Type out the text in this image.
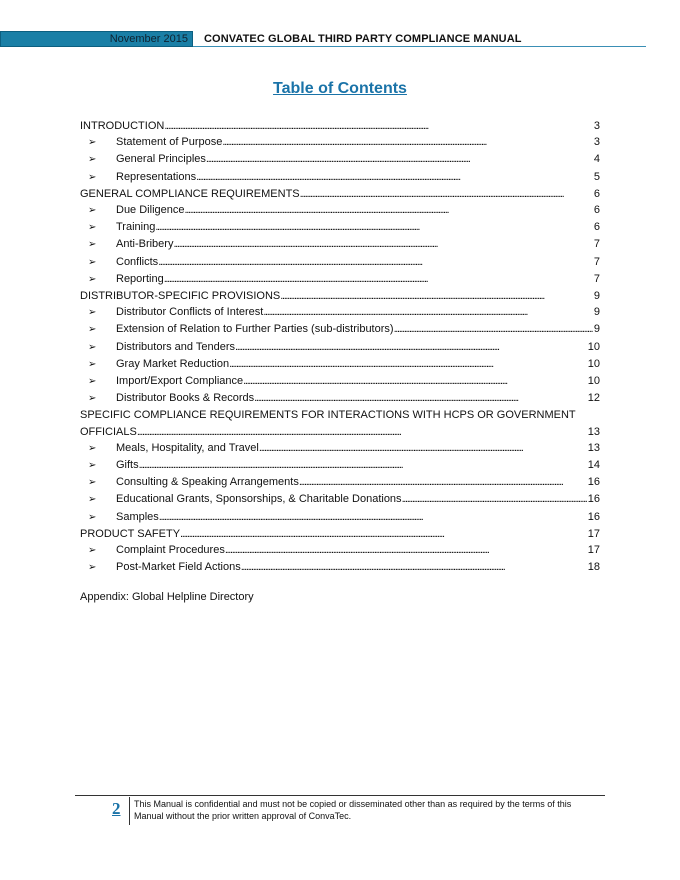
November 2015	CONVATEC GLOBAL THIRD PARTY COMPLIANCE MANUAL
Table of Contents
INTRODUCTION . . .	3
➢	Statement of Purpose . . .	3
➢	General Principles . . .	4
➢	Representations . . .	5
GENERAL COMPLIANCE REQUIREMENTS . . .	6
➢	Due Diligence . . .	6
➢	Training . . .	6
➢	Anti-Bribery . . .	7
➢	Conflicts . . .	7
➢	Reporting . . .	7
DISTRIBUTOR-SPECIFIC PROVISIONS . . .	9
➢	Distributor Conflicts of Interest . . .	9
➢	Extension of Relation to Further Parties (sub-distributors) . . .	9
➢	Distributors and Tenders . . .	10
➢	Gray Market Reduction . . .	10
➢	Import/Export Compliance . . .	10
➢	Distributor Books & Records . . .	12
SPECIFIC COMPLIANCE REQUIREMENTS FOR INTERACTIONS WITH HCPS OR GOVERNMENT
OFFICIALS . . .	13
➢	Meals, Hospitality, and Travel . . .	13
➢	Gifts . . .	14
➢	Consulting & Speaking Arrangements . . .	16
➢	Educational Grants, Sponsorships, & Charitable Donations . . .	16
➢	Samples . . .	16
PRODUCT SAFETY . . .	17
➢	Complaint Procedures . . .	17
➢	Post-Market Field Actions . . .	18
Appendix: Global Helpline Directory
2 This Manual is confidential and must not be copied or disseminated other than as required by the terms of this Manual without the prior written approval of ConvaTec.
